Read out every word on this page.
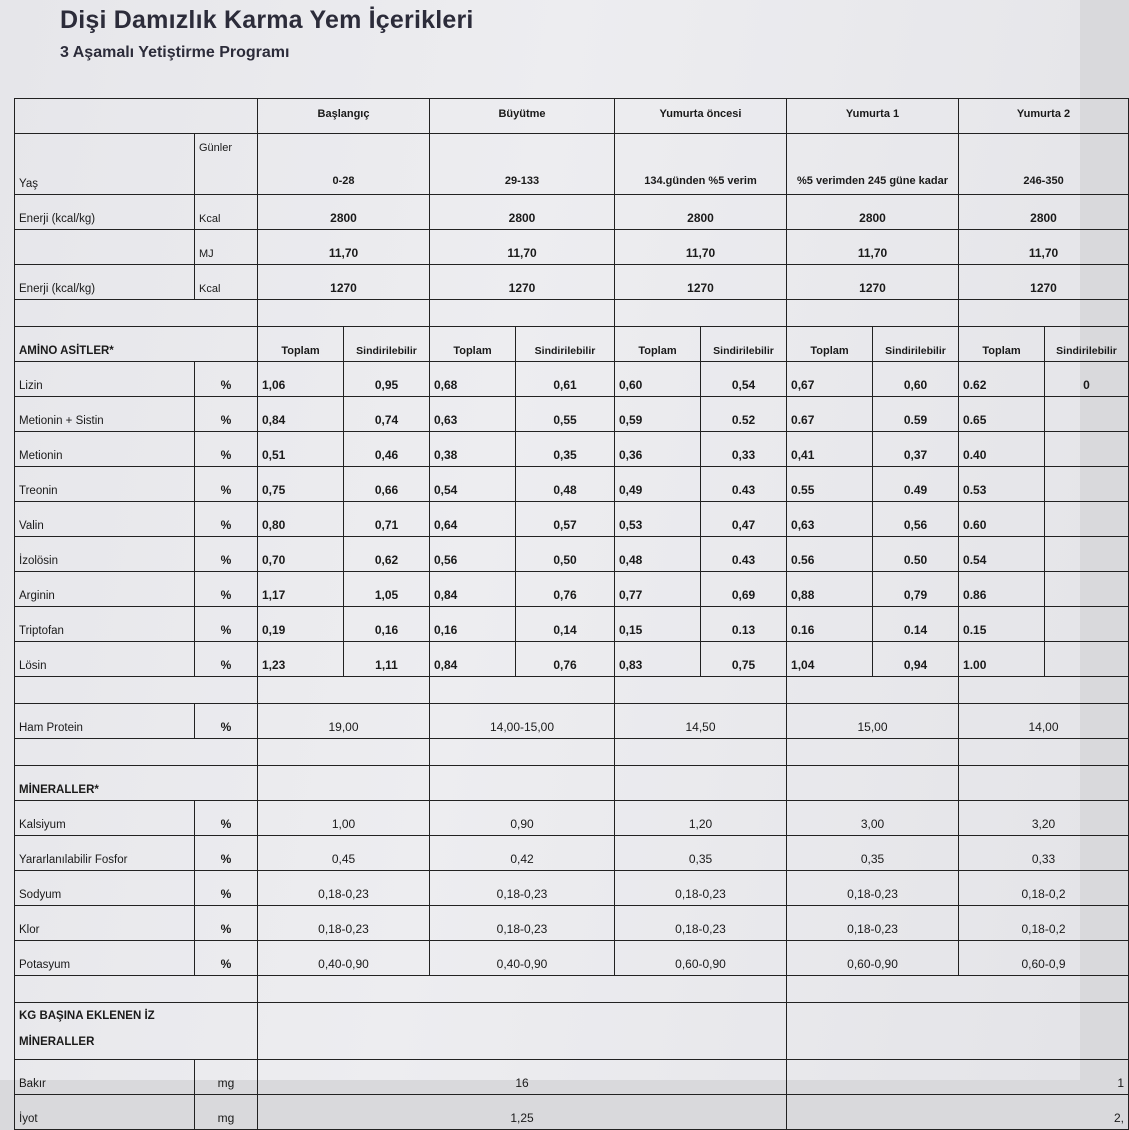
Dişi Damızlık Karma Yem İçerikleri
3 Aşamalı Yetiştirme Programı
		Başlangıç		Büyütme		Yumurta öncesi		Yumurta 1		Yumurta 2	
Yaş	Günler	0-28		29-133		134.günden %5 verim		%5 verimden 245 güne kadar		246-350	
Enerji (kcal/kg)	Kcal	2800		2800		2800		2800		2800	
	MJ	11,70		11,70		11,70		11,70		11,70	
Enerji (kcal/kg)	Kcal	1270		1270		1270		1270		1270	

AMİNO ASİTLER*		Toplam	Sindirilebilir	Toplam	Sindirilebilir	Toplam	Sindirilebilir	Toplam	Sindirilebilir	Toplam	Sindirilebilir
Lizin	%	1,06	0,95	0,68	0,61	0,60	0,54	0,67	0,60	0.62	0
Metionin + Sistin	%	0,84	0,74	0,63	0,55	0,59	0.52	0.67	0.59	0.65	
Metionin	%	0,51	0,46	0,38	0,35	0,36	0,33	0,41	0,37	0.40	
Treonin	%	0,75	0,66	0,54	0,48	0,49	0.43	0.55	0.49	0.53	
Valin	%	0,80	0,71	0,64	0,57	0,53	0,47	0,63	0,56	0.60	
İzolösin	%	0,70	0,62	0,56	0,50	0,48	0.43	0.56	0.50	0.54	
Arginin	%	1,17	1,05	0,84	0,76	0,77	0,69	0,88	0,79	0.86	
Triptofan	%	0,19	0,16	0,16	0,14	0,15	0.13	0.16	0.14	0.15	
Lösin	%	1,23	1,11	0,84	0,76	0,83	0,75	1,04	0,94	1.00	

Ham Protein	%	19,00		14,00-15,00		14,50		15,00		14,00	

MİNERALLER*											
Kalsiyum	%	1,00		0,90		1,20		3,00		3,20	
Yararlanılabilir Fosfor	%	0,45		0,42		0,35		0,35		0,33	
Sodyum	%	0,18-0,23		0,18-0,23		0,18-0,23		0,18-0,23		0,18-0,2	
Klor	%	0,18-0,23		0,18-0,23		0,18-0,23		0,18-0,23		0,18-0,2	
Potasyum	%	0,40-0,90		0,40-0,90		0,60-0,90		0,60-0,90		0,60-0,9	

KG BAŞINA EKLENEN İZ
MİNERALLER											

Bakır	mg	16						1			
İyot	mg	1,25						2,			
